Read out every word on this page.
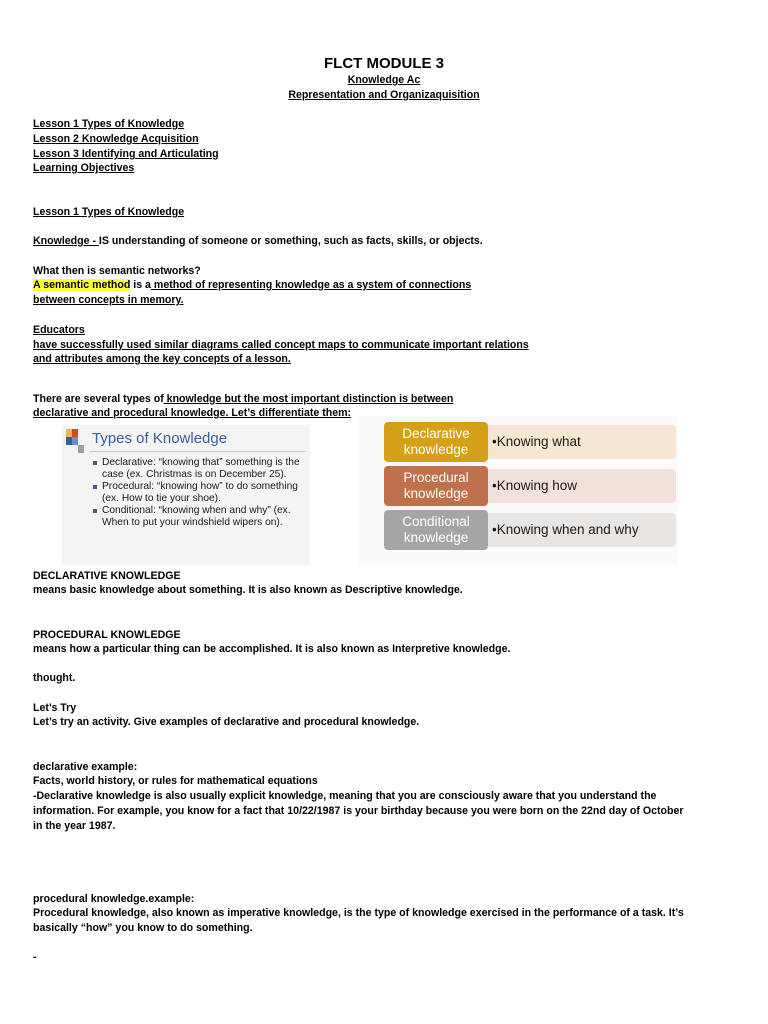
FLCT MODULE 3
Knowledge Ac
Representation and Organizaquisition
Lesson 1 Types of Knowledge
Lesson 2 Knowledge Acquisition
Lesson 3 Identifying and Articulating
Learning Objectives
Lesson 1 Types of Knowledge
Knowledge - IS understanding of someone or something, such as facts, skills, or objects.
What then is semantic networks?
A semantic method is a method of representing knowledge as a system of connections
between concepts in memory.
Educators
have successfully used similar diagrams called concept maps to communicate important relations
and attributes among the key concepts of a lesson.
There are several types of knowledge but the most important distinction is between
declarative and procedural knowledge. Let’s differentiate them:
Types of Knowledge
Declarative: “knowing that” something is the case (ex. Christmas is on December 25).
Procedural: “knowing how” to do something (ex. How to tie your shoe).
Conditional: “knowing when and why” (ex. When to put your windshield wipers on).
•Knowing what
Declarative knowledge
•Knowing how
Procedural knowledge
•Knowing when and why
Conditional knowledge
DECLARATIVE KNOWLEDGE
means basic knowledge about something. It is also known as Descriptive knowledge.
PROCEDURAL KNOWLEDGE
means how a particular thing can be accomplished. It is also known as Interpretive knowledge.
thought.
Let’s Try
Let’s try an activity. Give examples of declarative and procedural knowledge.
declarative example:
Facts, world history, or rules for mathematical equations
-Declarative knowledge is also usually explicit knowledge, meaning that you are consciously aware that you understand the
information. For example, you know for a fact that 10/22/1987 is your birthday because you were born on the 22nd day of October
in the year 1987.
procedural knowledge.example:
Procedural knowledge, also known as imperative knowledge, is the type of knowledge exercised in the performance of a task. It’s
basically “how” you know to do something.
-
